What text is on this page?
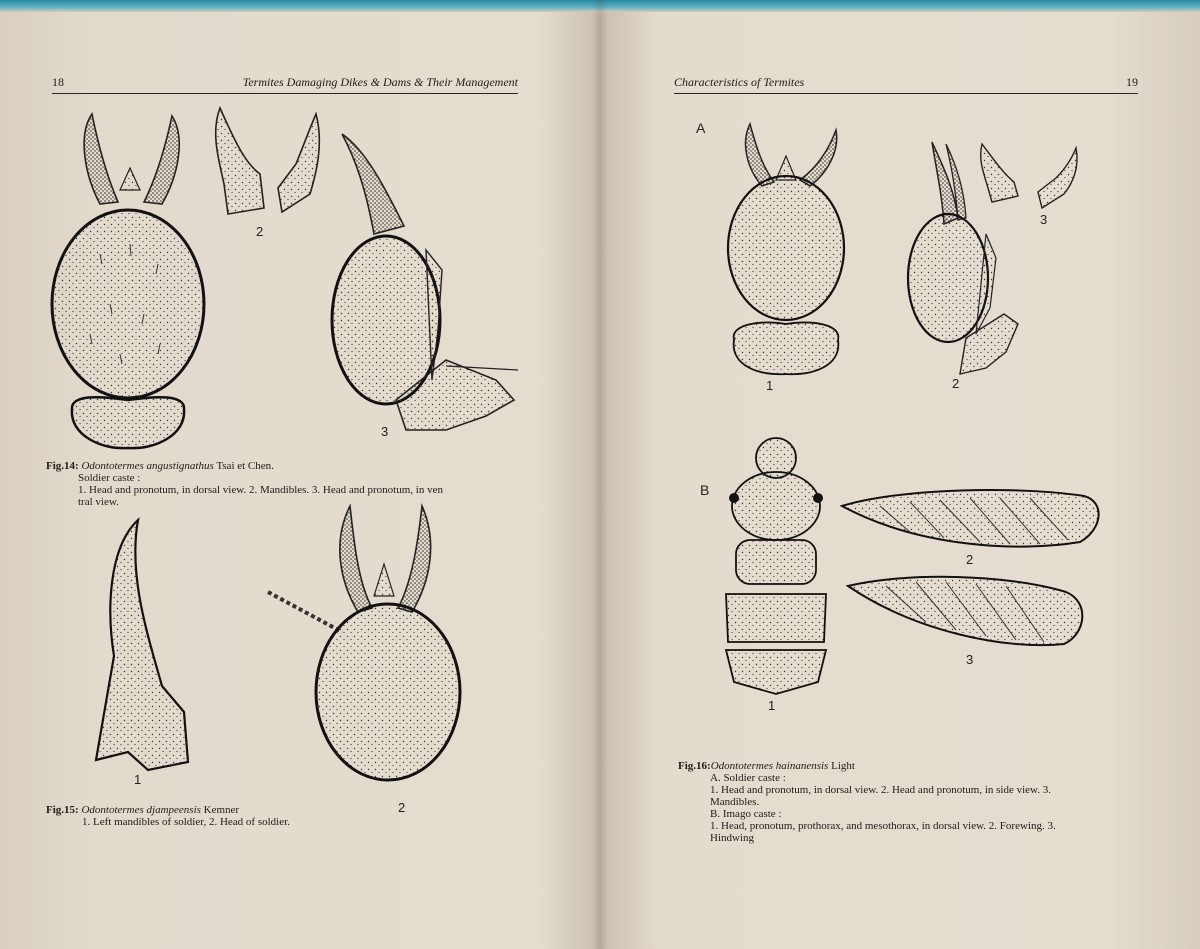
18	Termites Damaging Dikes & Dams & Their Management
2
3
Fig.14: Odontotermes angustignathus Tsai et Chen.
Soldier caste :
1. Head and pronotum, in dorsal view. 2. Mandibles. 3. Head and pronotum, in ven
tral view.
1
2
Fig.15: Odontotermes djampeensis Kemner
1. Left mandibles of soldier, 2. Head of soldier.
Characteristics of Termites	19
A
1	2
3
B
1
2
3
Fig.16:Odontotermes hainanensis Light
A. Soldier caste :
1. Head and pronotum, in dorsal view. 2. Head and pronotum, in side view. 3.
Mandibles.
B. Imago caste :
1. Head, pronotum, prothorax, and mesothorax, in dorsal view. 2. Forewing. 3.
Hindwing
